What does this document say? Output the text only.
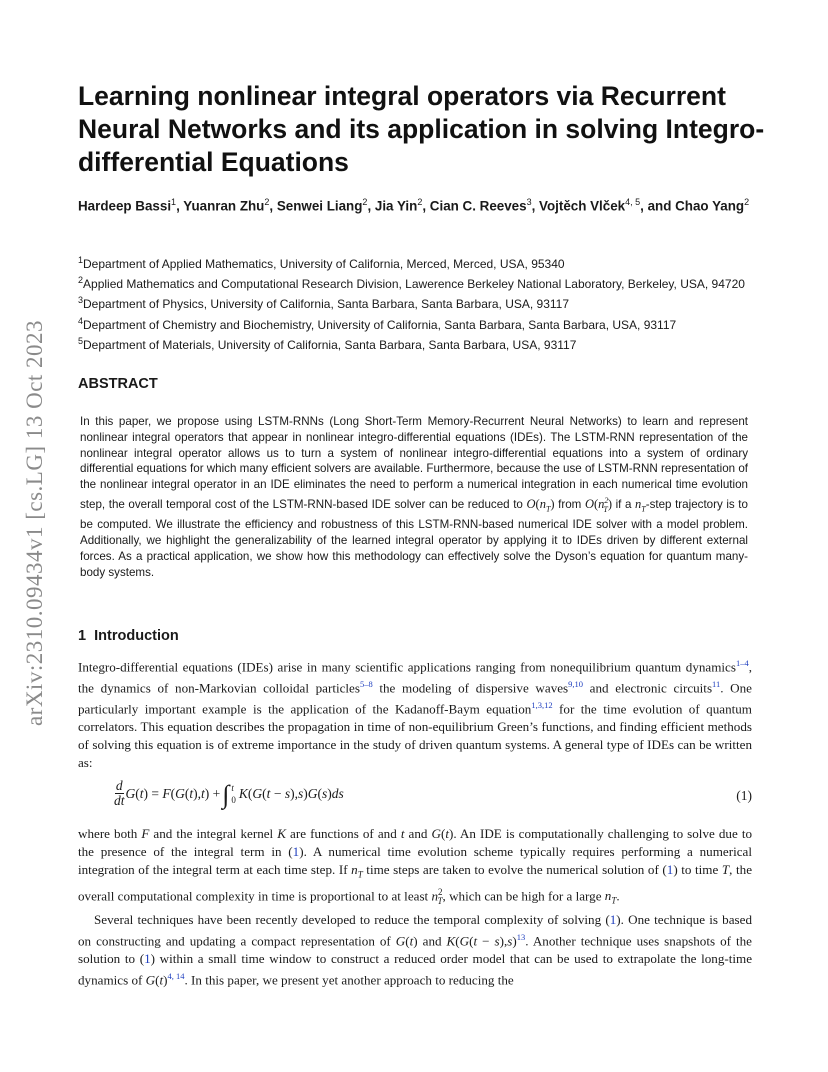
arXiv:2310.09434v1 [cs.LG] 13 Oct 2023
Learning nonlinear integral operators via Recurrent Neural Networks and its application in solving Integro-differential Equations
Hardeep Bassi$^1$, Yuanran Zhu$^2$, Senwei Liang$^2$, Jia Yin$^2$, Cian C. Reeves$^3$, Vojtěch Vlček$^{4, 5}$, and Chao Yang$^2$
$^1$Department of Applied Mathematics, University of California, Merced, Merced, USA, 95340
$^2$Applied Mathematics and Computational Research Division, Lawerence Berkeley National Laboratory, Berkeley, USA, 94720
$^3$Department of Physics, University of California, Santa Barbara, Santa Barbara, USA, 93117
$^4$Department of Chemistry and Biochemistry, University of California, Santa Barbara, Santa Barbara, USA, 93117
$^5$Department of Materials, University of California, Santa Barbara, Santa Barbara, USA, 93117
ABSTRACT
In this paper, we propose using LSTM-RNNs (Long Short-Term Memory-Recurrent Neural Networks) to learn and represent nonlinear integral operators that appear in nonlinear integro-differential equations (IDEs). The LSTM-RNN representation of the nonlinear integral operator allows us to turn a system of nonlinear integro-differential equations into a system of ordinary differential equations for which many efficient solvers are available. Furthermore, because the use of LSTM-RNN representation of the nonlinear integral operator in an IDE eliminates the need to perform a numerical integration in each numerical time evolution step, the overall temporal cost of the LSTM-RNN-based IDE solver can be reduced to $O(n_T)$ from $O(n^2_T)$ if a $n_T$-step trajectory is to be computed. We illustrate the efficiency and robustness of this LSTM-RNN-based numerical IDE solver with a model problem. Additionally, we highlight the generalizability of the learned integral operator by applying it to IDEs driven by different external forces. As a practical application, we show how this methodology can effectively solve the Dyson’s equation for quantum many-body systems.
1 Introduction

Integro-differential equations (IDEs) arise in many scientific applications ranging from nonequilibrium quantum dynamics$^{1-4}$, the dynamics of non-Markovian colloidal particles$^{5-8}$ the modeling of dispersive waves$^{9,10}$ and electronic circuits$^{11}$. One particularly important example is the application of the Kadanoff-Baym equation$^{1,3,12}$ for the time evolution of quantum correlators. This equation describes the propagation in time of non-equilibrium Green’s functions, and finding efficient methods of solving this equation is of extreme importance in the study of driven quantum systems. A general type of IDEs can be written as:

$\frac{d}{dt} G(t) = F(G(t),t)$ + ∫ t
0 K(G(t − s),s)G(s)ds	(1)

where both F and the integral kernel K are functions of and t and G(t). An IDE is computationally challenging to solve due to the presence of the integral term in (1). A numerical time evolution scheme typically requires performing a numerical integration of the integral term at each time step. If $n_T$ time steps are taken to evolve the numerical solution of (1) to time T, the overall computational complexity in time is proportional to at least $n^2_T$, which can be high for a large $n_T$.

Several techniques have been recently developed to reduce the temporal complexity of solving (1). One technique is based on constructing and updating a compact representation of G(t) and K(G(t − s),s)$^{13}$. Another technique uses snapshots of the solution to (1) within a small time window to construct a reduced order model that can be used to extrapolate the long-time dynamics of G(t)$^{4, 14}$. In this paper, we present yet another approach to reducing the
